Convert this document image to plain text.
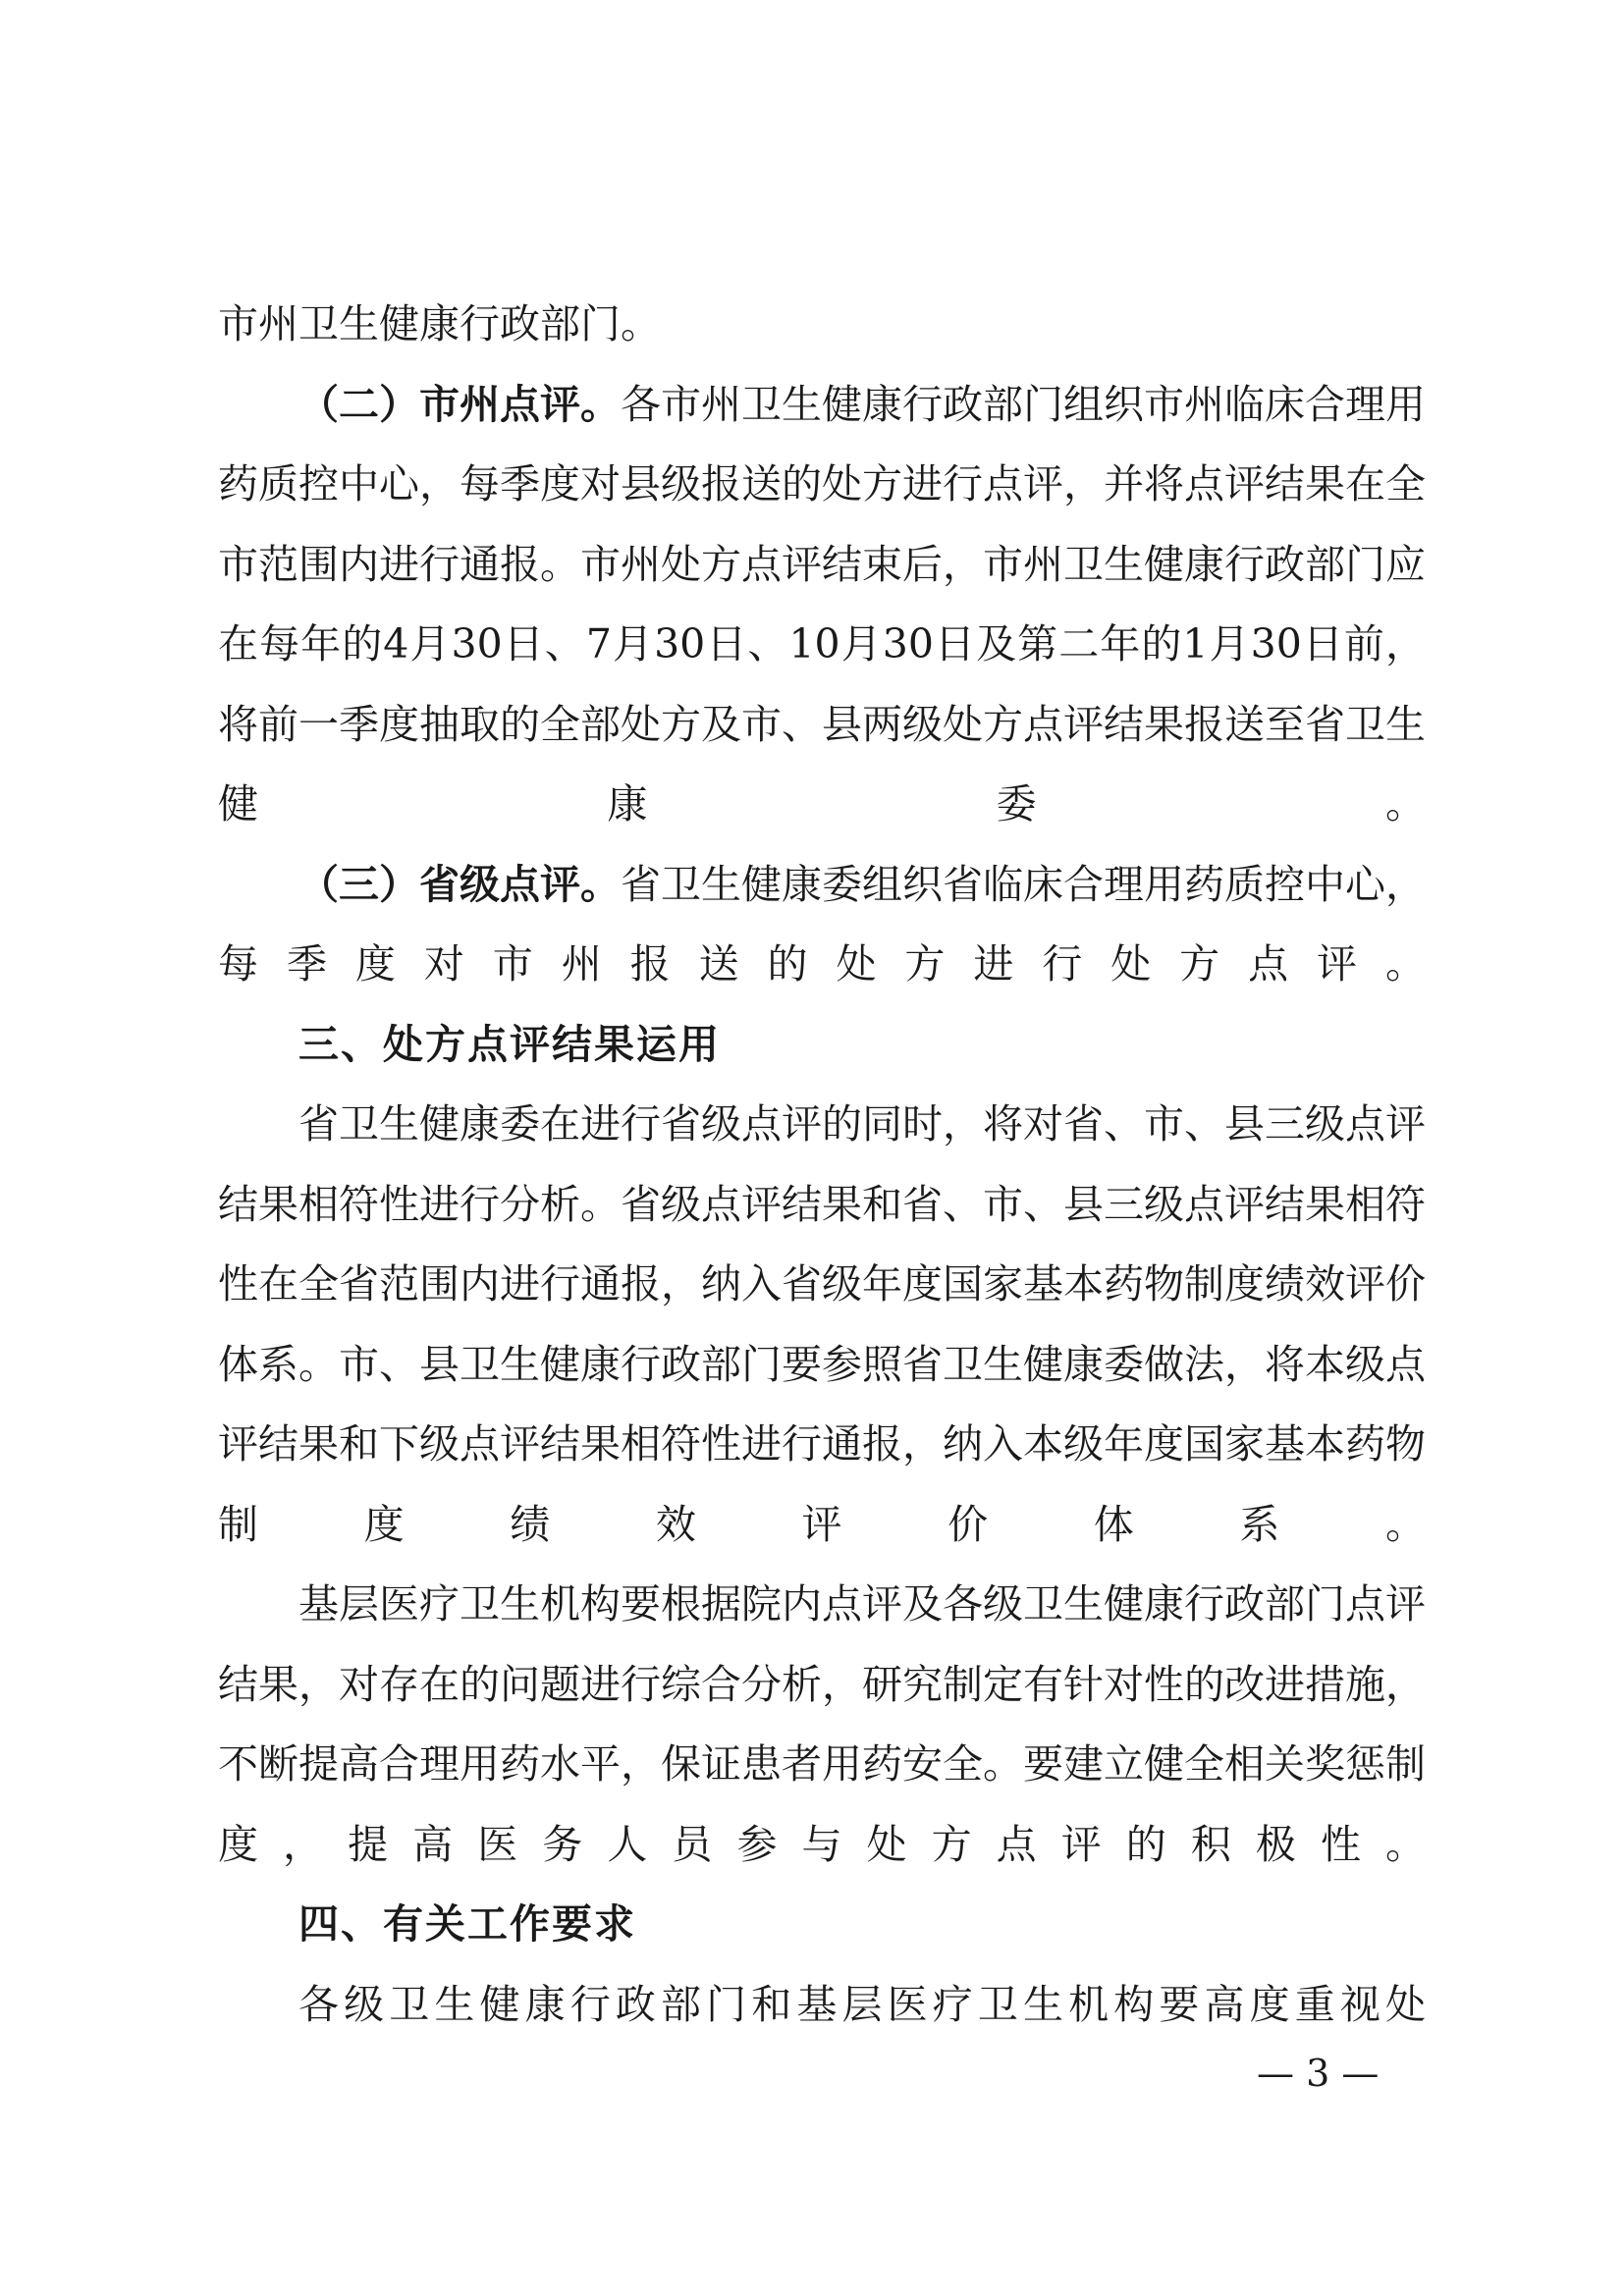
市州卫生健康行政部门。

（二）市州点评。各市州卫生健康行政部门组织市州临床合理用药质控中心，每季度对县级报送的处方进行点评，并将点评结果在全市范围内进行通报。市州处方点评结束后，市州卫生健康行政部门应在每年的4月30日、7月30日、10月30日及第二年的1月30日前，将前一季度抽取的全部处方及市、县两级处方点评结果报送至省卫生健康委。

（三）省级点评。省卫生健康委组织省临床合理用药质控中心，每季度对市州报送的处方进行处方点评。

三、处方点评结果运用

省卫生健康委在进行省级点评的同时，将对省、市、县三级点评结果相符性进行分析。省级点评结果和省、市、县三级点评结果相符性在全省范围内进行通报，纳入省级年度国家基本药物制度绩效评价体系。市、县卫生健康行政部门要参照省卫生健康委做法，将本级点评结果和下级点评结果相符性进行通报，纳入本级年度国家基本药物制度绩效评价体系。

基层医疗卫生机构要根据院内点评及各级卫生健康行政部门点评结果，对存在的问题进行综合分析，研究制定有针对性的改进措施，不断提高合理用药水平，保证患者用药安全。要建立健全相关奖惩制度，提高医务人员参与处方点评的积极性。

四、有关工作要求

各级卫生健康行政部门和基层医疗卫生机构要高度重视处

— 3 —
